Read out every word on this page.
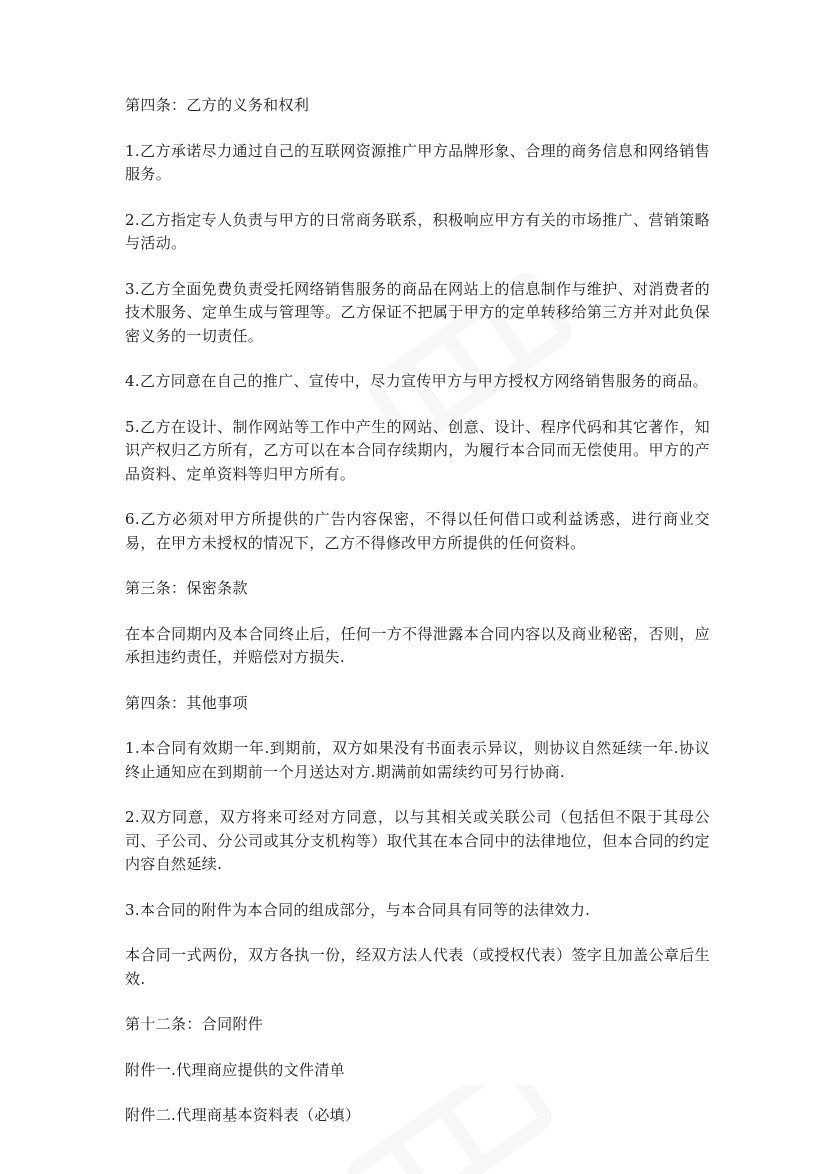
第四条：乙方的义务和权利

1.乙方承诺尽力通过自己的互联网资源推广甲方品牌形象、合理的商务信息和网络销售服务。

2.乙方指定专人负责与甲方的日常商务联系，积极响应甲方有关的市场推广、营销策略与活动。

3.乙方全面免费负责受托网络销售服务的商品在网站上的信息制作与维护、对消费者的技术服务、定单生成与管理等。乙方保证不把属于甲方的定单转移给第三方并对此负保密义务的一切责任。

4.乙方同意在自己的推广、宣传中，尽力宣传甲方与甲方授权方网络销售服务的商品。

5.乙方在设计、制作网站等工作中产生的网站、创意、设计、程序代码和其它著作，知识产权归乙方所有，乙方可以在本合同存续期内，为履行本合同而无偿使用。甲方的产品资料、定单资料等归甲方所有。

6.乙方必须对甲方所提供的广告内容保密，不得以任何借口或利益诱惑，进行商业交易，在甲方未授权的情况下，乙方不得修改甲方所提供的任何资料。

第三条：保密条款

在本合同期内及本合同终止后，任何一方不得泄露本合同内容以及商业秘密，否则，应承担违约责任，并赔偿对方损失.

第四条：其他事项

1.本合同有效期一年.到期前，双方如果没有书面表示异议，则协议自然延续一年.协议终止通知应在到期前一个月送达对方.期满前如需续约可另行协商.

2.双方同意，双方将来可经对方同意，以与其相关或关联公司（包括但不限于其母公司、子公司、分公司或其分支机构等）取代其在本合同中的法律地位，但本合同的约定内容自然延续.

3.本合同的附件为本合同的组成部分，与本合同具有同等的法律效力.

本合同一式两份，双方各执一份，经双方法人代表（或授权代表）签字且加盖公章后生效.

第十二条：合同附件

附件一.代理商应提供的文件清单

附件二.代理商基本资料表（必填）
